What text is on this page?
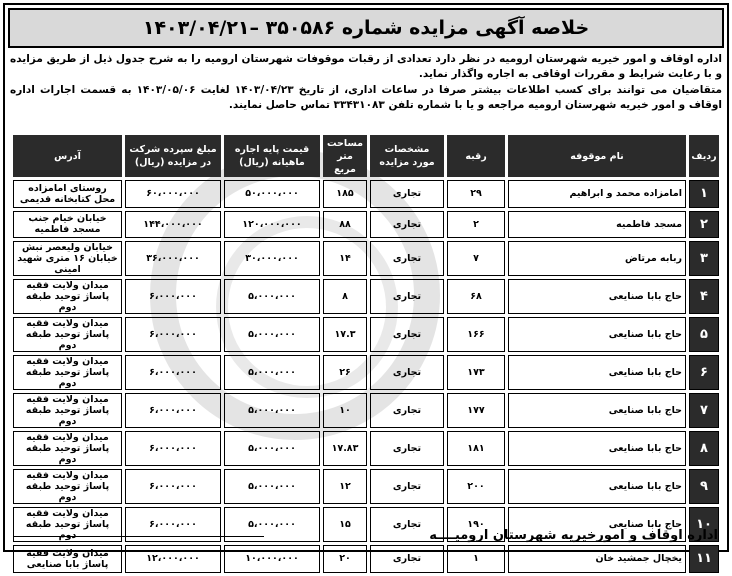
خلاصه آگهی مزایده شماره ۳۵۰۵۸۶ –۱۴۰۳/۰۴/۲۱

اداره اوقاف و امور خیریه شهرستان ارومیه در نظر دارد تعدادی از رقبات موقوفات شهرستان ارومیه را به شرح جدول ذیل از طریق مزایده و با رعایت شرایط و مقررات اوقافی به اجاره واگذار نماید.

متقاضیان می توانند برای کسب اطلاعات بیشتر صرفا در ساعات اداری، از تاریخ ۱۴۰۳/۰۴/۲۳ لغایت ۱۴۰۳/۰۵/۰۶ به قسمت اجارات اداره اوقاف و امور خیریه شهرستان ارومیه مراجعه و یا با شماره تلفن ۳۳۴۳۱۰۸۳ تماس حاصل نمایند.

ردیف	نام موقوفه	رقبه	مشخصات مورد مزایده	مساحت متر مربع	قیمت پایه اجاره ماهیانه (ریال)	مبلغ سپرده شرکت در مزایده (ریال)	آدرس
۱	امامزاده محمد و ابراهیم	۲۹	تجاری	۱۸۵	۵۰،۰۰۰،۰۰۰	۶۰،۰۰۰،۰۰۰	روستای امامزاده محل کتابخانه قدیمی
۲	مسجد فاطمیه	۲	تجاری	۸۸	۱۲۰،۰۰۰،۰۰۰	۱۴۴،۰۰۰،۰۰۰	خیابان خیام جنب مسجد فاطمیه
۳	ربابه مرتاض	۷	تجاری	۱۴	۳۰،۰۰۰،۰۰۰	۳۶،۰۰۰،۰۰۰	خیابان ولیعصر نبش خیابان ۱۶ متری شهید امینی
۴	حاج بابا صنایعی	۶۸	تجاری	۸	۵،۰۰۰،۰۰۰	۶،۰۰۰،۰۰۰	میدان ولایت فقیه پاساژ توحید طبقه دوم
۵	حاج بابا صنایعی	۱۶۶	تجاری	۱۷.۳	۵،۰۰۰،۰۰۰	۶،۰۰۰،۰۰۰	میدان ولایت فقیه پاساژ توحید طبقه دوم
۶	حاج بابا صنایعی	۱۷۳	تجاری	۲۶	۵،۰۰۰،۰۰۰	۶،۰۰۰،۰۰۰	میدان ولایت فقیه پاساژ توحید طبقه دوم
۷	حاج بابا صنایعی	۱۷۷	تجاری	۱۰	۵،۰۰۰،۰۰۰	۶،۰۰۰،۰۰۰	میدان ولایت فقیه پاساژ توحید طبقه دوم
۸	حاج بابا صنایعی	۱۸۱	تجاری	۱۷.۸۳	۵،۰۰۰،۰۰۰	۶،۰۰۰،۰۰۰	میدان ولایت فقیه پاساژ توحید طبقه دوم
۹	حاج بابا صنایعی	۲۰۰	تجاری	۱۲	۵،۰۰۰،۰۰۰	۶،۰۰۰،۰۰۰	میدان ولایت فقیه پاساژ توحید طبقه دوم
۱۰	حاج بابا صنایعی	۱۹۰	تجاری	۱۵	۵،۰۰۰،۰۰۰	۶،۰۰۰،۰۰۰	میدان ولایت فقیه پاساژ توحید طبقه دوم
۱۱	یخچال جمشید خان	۱	تجاری	۲۰	۱۰،۰۰۰،۰۰۰	۱۲،۰۰۰،۰۰۰	میدان ولایت فقیه پاساژ بابا صنایعی
اداره اوقاف و امورخیریه شهرستان ارومیــــه
